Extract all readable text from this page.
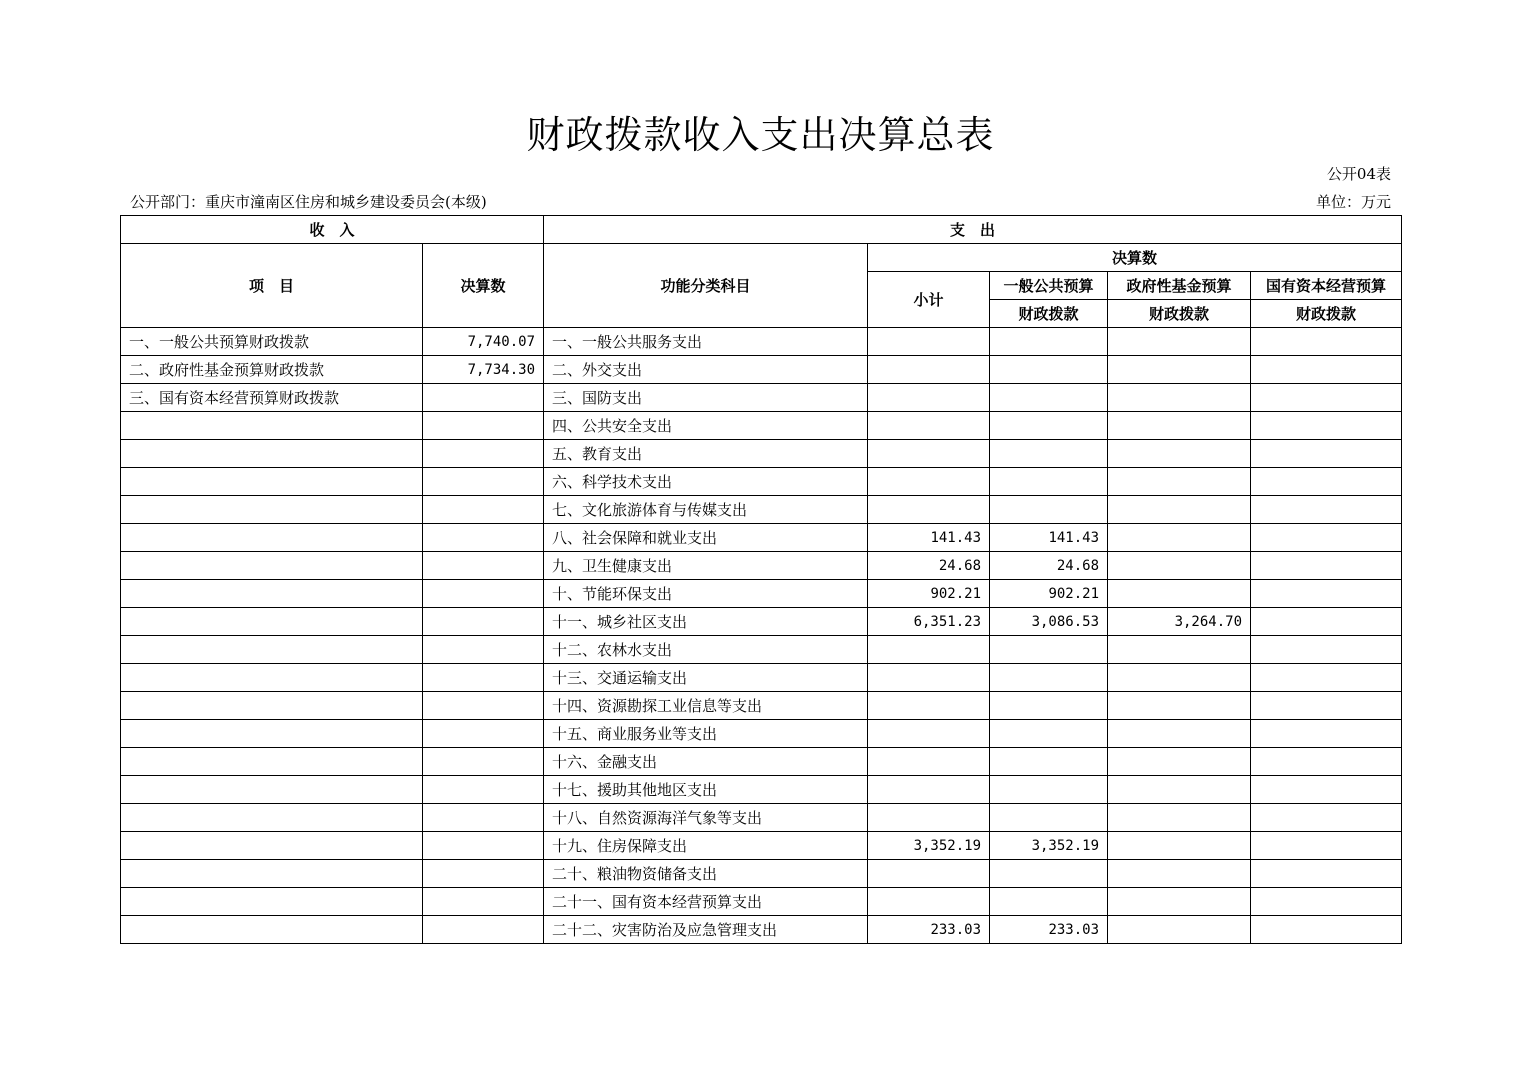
财政拨款收入支出决算总表
公开04表
公开部门：重庆市潼南区住房和城乡建设委员会(本级)	单位：万元
收　入		支　出				
项　目	决算数	功能分类科目	决算数			
			小计	一般公共预算	政府性基金预算	国有资本经营预算
				财政拨款	财政拨款	财政拨款
一、一般公共预算财政拨款	7,740.07	一、一般公共服务支出				
二、政府性基金预算财政拨款	7,734.30	二、外交支出				
三、国有资本经营预算财政拨款		三、国防支出				
		四、公共安全支出				
		五、教育支出				
		六、科学技术支出				
		七、文化旅游体育与传媒支出				
		八、社会保障和就业支出	141.43	141.43		
		九、卫生健康支出	24.68	24.68		
		十、节能环保支出	902.21	902.21		
		十一、城乡社区支出	6,351.23	3,086.53	3,264.70	
		十二、农林水支出				
		十三、交通运输支出				
		十四、资源勘探工业信息等支出				
		十五、商业服务业等支出				
		十六、金融支出				
		十七、援助其他地区支出				
		十八、自然资源海洋气象等支出				
		十九、住房保障支出	3,352.19	3,352.19		
		二十、粮油物资储备支出				
		二十一、国有资本经营预算支出				
		二十二、灾害防治及应急管理支出	233.03	233.03		
